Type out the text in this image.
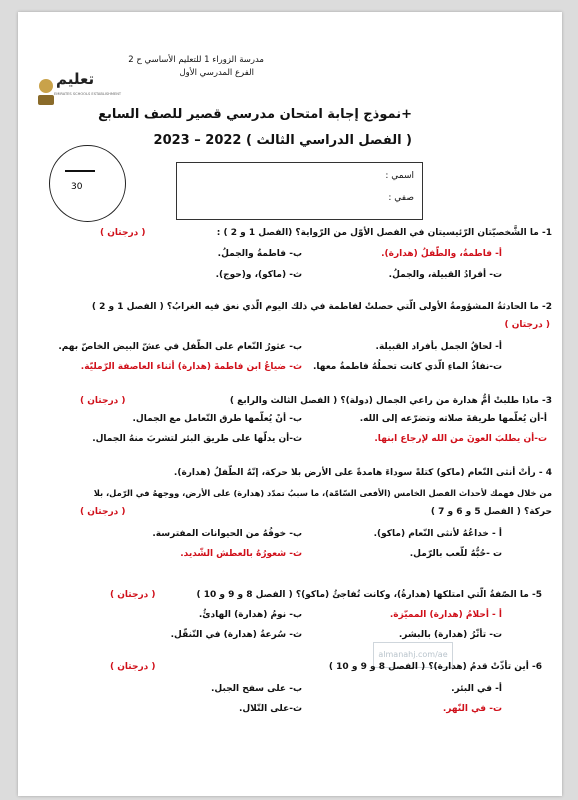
مدرسة الزوراء 1 للتعليم الأساسي ح 2
الفرع المدرسي الأول
تعليم
EMIRATES SCHOOLS ESTABLISHMENT
+نموذج إجابة امتحان مدرسي قصير للصف السابع
( الفصل الدراسي الثالث ) 2022 – 2023
30
اسمي :
صفي :
1- ما الشَّخصيّتان الرّئيسيتان في الفصل الأوّل من الرّواية؟ (الفصل 1 و 2 ) :
( درجتان )
أ- فاطمةُ، والطّفلُ (هدارة).
ب- فاطمةُ والجملُ.
ت- أفرادُ القبيلة، والجملُ.
ث- (ماكو)، و(حوج).
2- ما الحادثةُ المشؤومةُ الأولى الّتي حصلتْ لفاطمة في ذلك اليوم الّذي نعق فيه الغرابُ؟ ( الفصل 1 و 2 )
( درجتان )
أ- لحاقُ الجمل بأفراد القبيلة.
ب- عثورُ النّعام على الطّفل في عشّ البيض الخاصّ بهم.
ت-نفاذُ الماءِ الّذي كانت تحملُهُ فاطمةُ معها.
ث- ضياعُ ابن فاطمةَ (هدارة) أثناء العاصفة الرّمليّة.
3- ماذا طلبتْ أمُّ هدارة من راعي الجمال (دولة)؟ ( الفصل الثالث والرابع )
( درجتان )
أ-أن يُعلّمها طريقةَ صلاته وتضرّعه إلى الله.
ب- أنْ يُعلّمها طرق التّعامل مع الجمال.
ت-أن يطلبَ العونَ من الله لإرجاع ابنها.
ث-أن يدلّها على طريق البئر لتشربَ منهُ الجمال.
4 - رأتْ أنثى النّعام (ماكو) كتلةً سوداءَ هامدةً على الأرض بلا حركة، إنّهُ الطّفلُ (هدارة).
من خلال فهمك لأحداث الفصل الخامس (الأفعى السّامّة)، ما سببُ تمدّد (هدارة) على الأرض، ووجههُ في الرّمل، بلا
حركة؟ ( الفصل 5 و 6 و 7 )
( درجتان )
أ - خداعُهُ لأنثى النّعام (ماكو).
ب- خوفُهُ من الحيوانات المفترسة.
ت -حُبُّهُ للّعب بالرّمل.
ث- شعورُهُ بالعطش الشّديد.
5- ما الصّفةُ الّتي امتلكها (هدارةُ)، وكانت تُفاجئُ (ماكو)؟ ( الفصل 8 و 9 و 10 )
( درجتان )
أ - أحلامُ (هدارة) المميّزة.
ب- نومُ (هدارة) الهادئُ.
ت- تأثّرُ (هدارة) بالبشر.
ث- سُرعةُ (هدارة) في التّنقّل.
almanahj.com/ae
6- أين تأذّتْ قدمُ (هدارة)؟ ( الفصل 8 و 9 و 10 )
( درجتان )
أ- في البئر.
ب- على سفح الجبل.
ت- في النّهر.
ث-على التّلال.
